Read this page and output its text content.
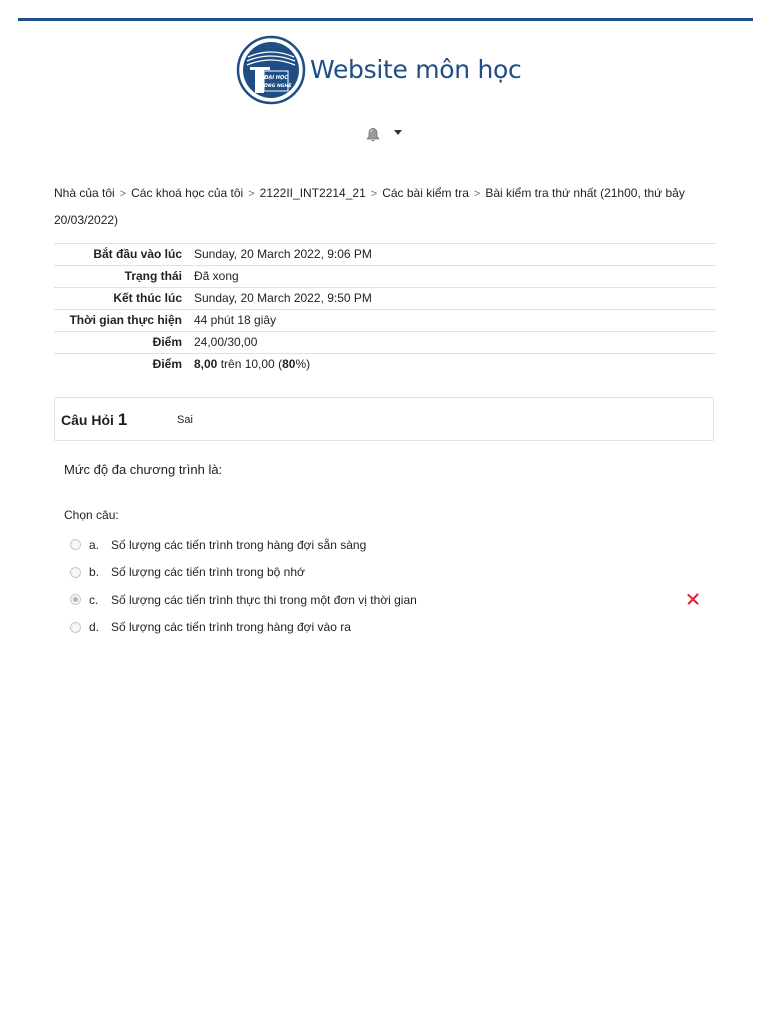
ĐẠI HỌC
CÔNG NGHỆ
Website môn học
Nhà của tôi > Các khoá học của tôi > 2122II_INT2214_21 > Các bài kiểm tra > Bài kiểm tra thứ nhất (21h00, thứ bảy 20/03/2022)
Bắt đầu vào lúc	Sunday, 20 March 2022, 9:06 PM
Trạng thái	Đã xong
Kết thúc lúc	Sunday, 20 March 2022, 9:50 PM
Thời gian thực hiện	44 phút 18 giây
Điểm	24,00/30,00
Điểm	8,00 trên 10,00 (80%)
Câu Hỏi 1	Sai
Mức độ đa chương trình là:
Chọn câu:
a. Số lượng các tiến trình trong hàng đợi sẵn sàng
b. Số lượng các tiến trình trong bộ nhớ
c.	Số lượng các tiến trình thực thi trong một đơn vị thời gian
d. Số lượng các tiến trình trong hàng đợi vào ra
